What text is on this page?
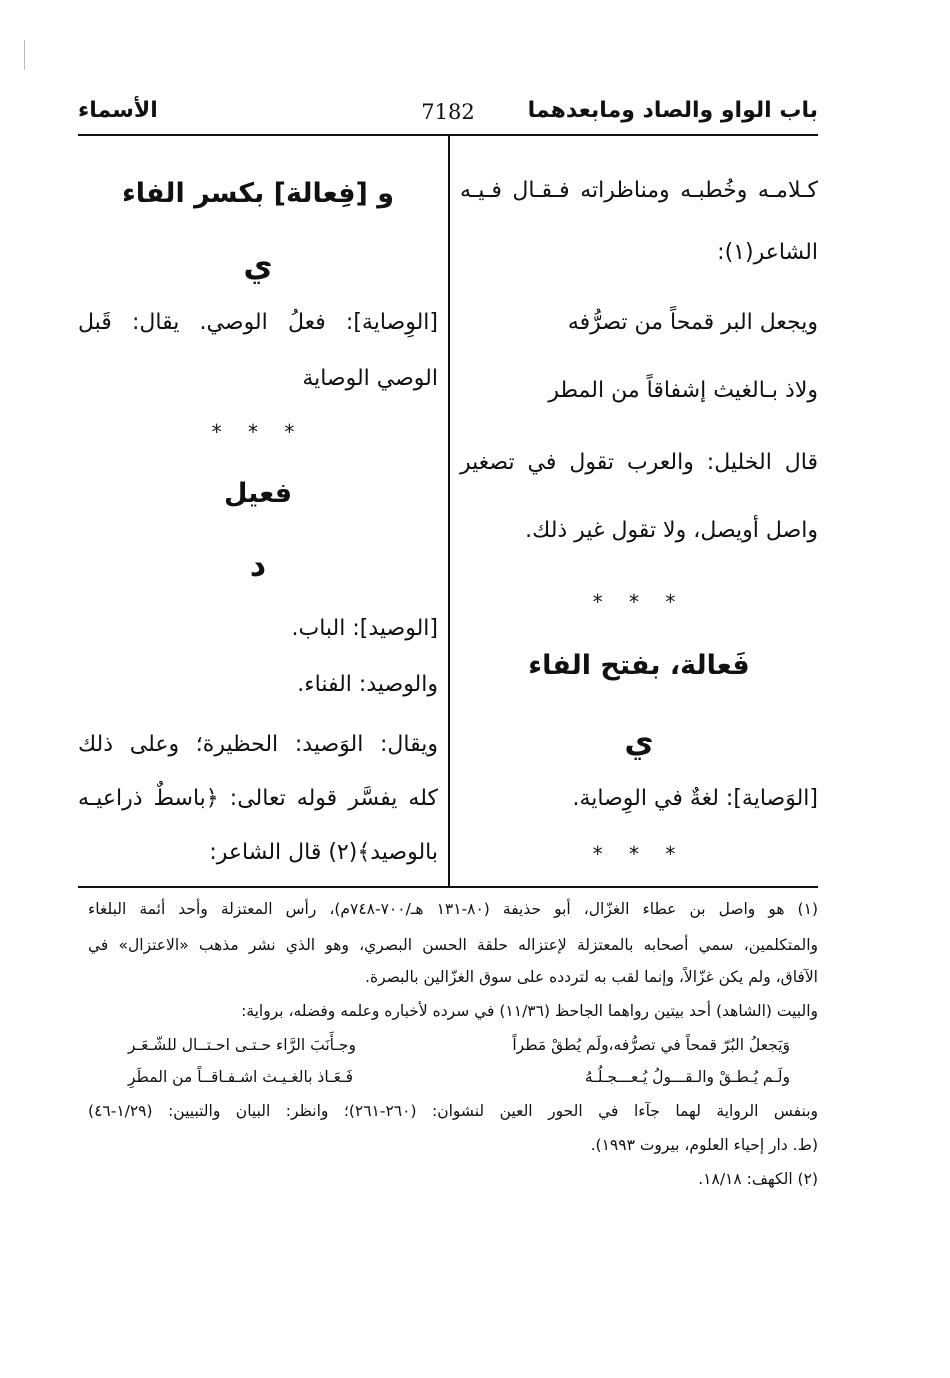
باب الواو والصاد ومابعدهما
7182
الأسماء
كـلامـه وخُطبـه ومناظراته فـقـال فـيـه
الشاعر(١):
ويجعل البر قمحاً من تصرُّفه
ولاذ بـالغيث إشفاقاً من المطر
قال الخليل: والعرب تقول في تصغير
واصل أويصل، ولا تقول غير ذلك.
* * *
فَعالة، بفتح الفاء
ي
[الوَصاية]: لغةٌ في الوِصاية.
* * *
و [فِعالة] بكسر الفاء
ي
[الوِصاية]: فعلُ الوصي. يقال: قَبل
الوصي الوصاية
* * *
فعيل
د
[الوصيد]: الباب.
والوصيد: الفناء.
ويقال: الوَصيد: الحظيرة؛ وعلى ذلك
كله يفسَّر قوله تعالى: ﴿باسطٌ ذراعيـه
بالوصيد﴾(٢) قال الشاعر:
(١) هو واصل بن عطاء الغزّال، أبو حذيفة (٨٠-١٣١ هـ/٧٠٠-٧٤٨م)، رأس المعتزلة وأحد أئمة البلغاء
والمتكلمين، سمي أصحابه بالمعتزلة لإعتزاله حلقة الحسن البصري، وهو الذي نشر مذهب «الاعتزال» في
الآفاق، ولم يكن غزّالاً، وإنما لقب به لتردده على سوق الغزّالين بالبصرة.
والبيت (الشاهد) أحد بيتين رواهما الجاحظ (١١/٣٦) في سرده لأخباره وعلمه وفضله، برواية:
وَيَجعلُ البُرّ قمحاً في تصرُّفه،ولَم يُطقْ مَطراً
وجـأَنَبَ الرَّاء حـتـى احـتــال للشّـعَـر
ولَـم يُـطـقْ والـقـــولُ يُـعـــجـلُـهُ
فَـعَـاذ بالغـيـث اشـفـاقــاً من المطَرِ
وبنفس الرواية لهما جآءا في الحور العين لنشوان: (٢٦٠-٢٦١)؛ وانظر: البيان والتبيين: (١/٢٩-٤٦)
(ط. دار إحياء العلوم، بيروت ١٩٩٣).
(٢) الكهف: ١٨/١٨.
